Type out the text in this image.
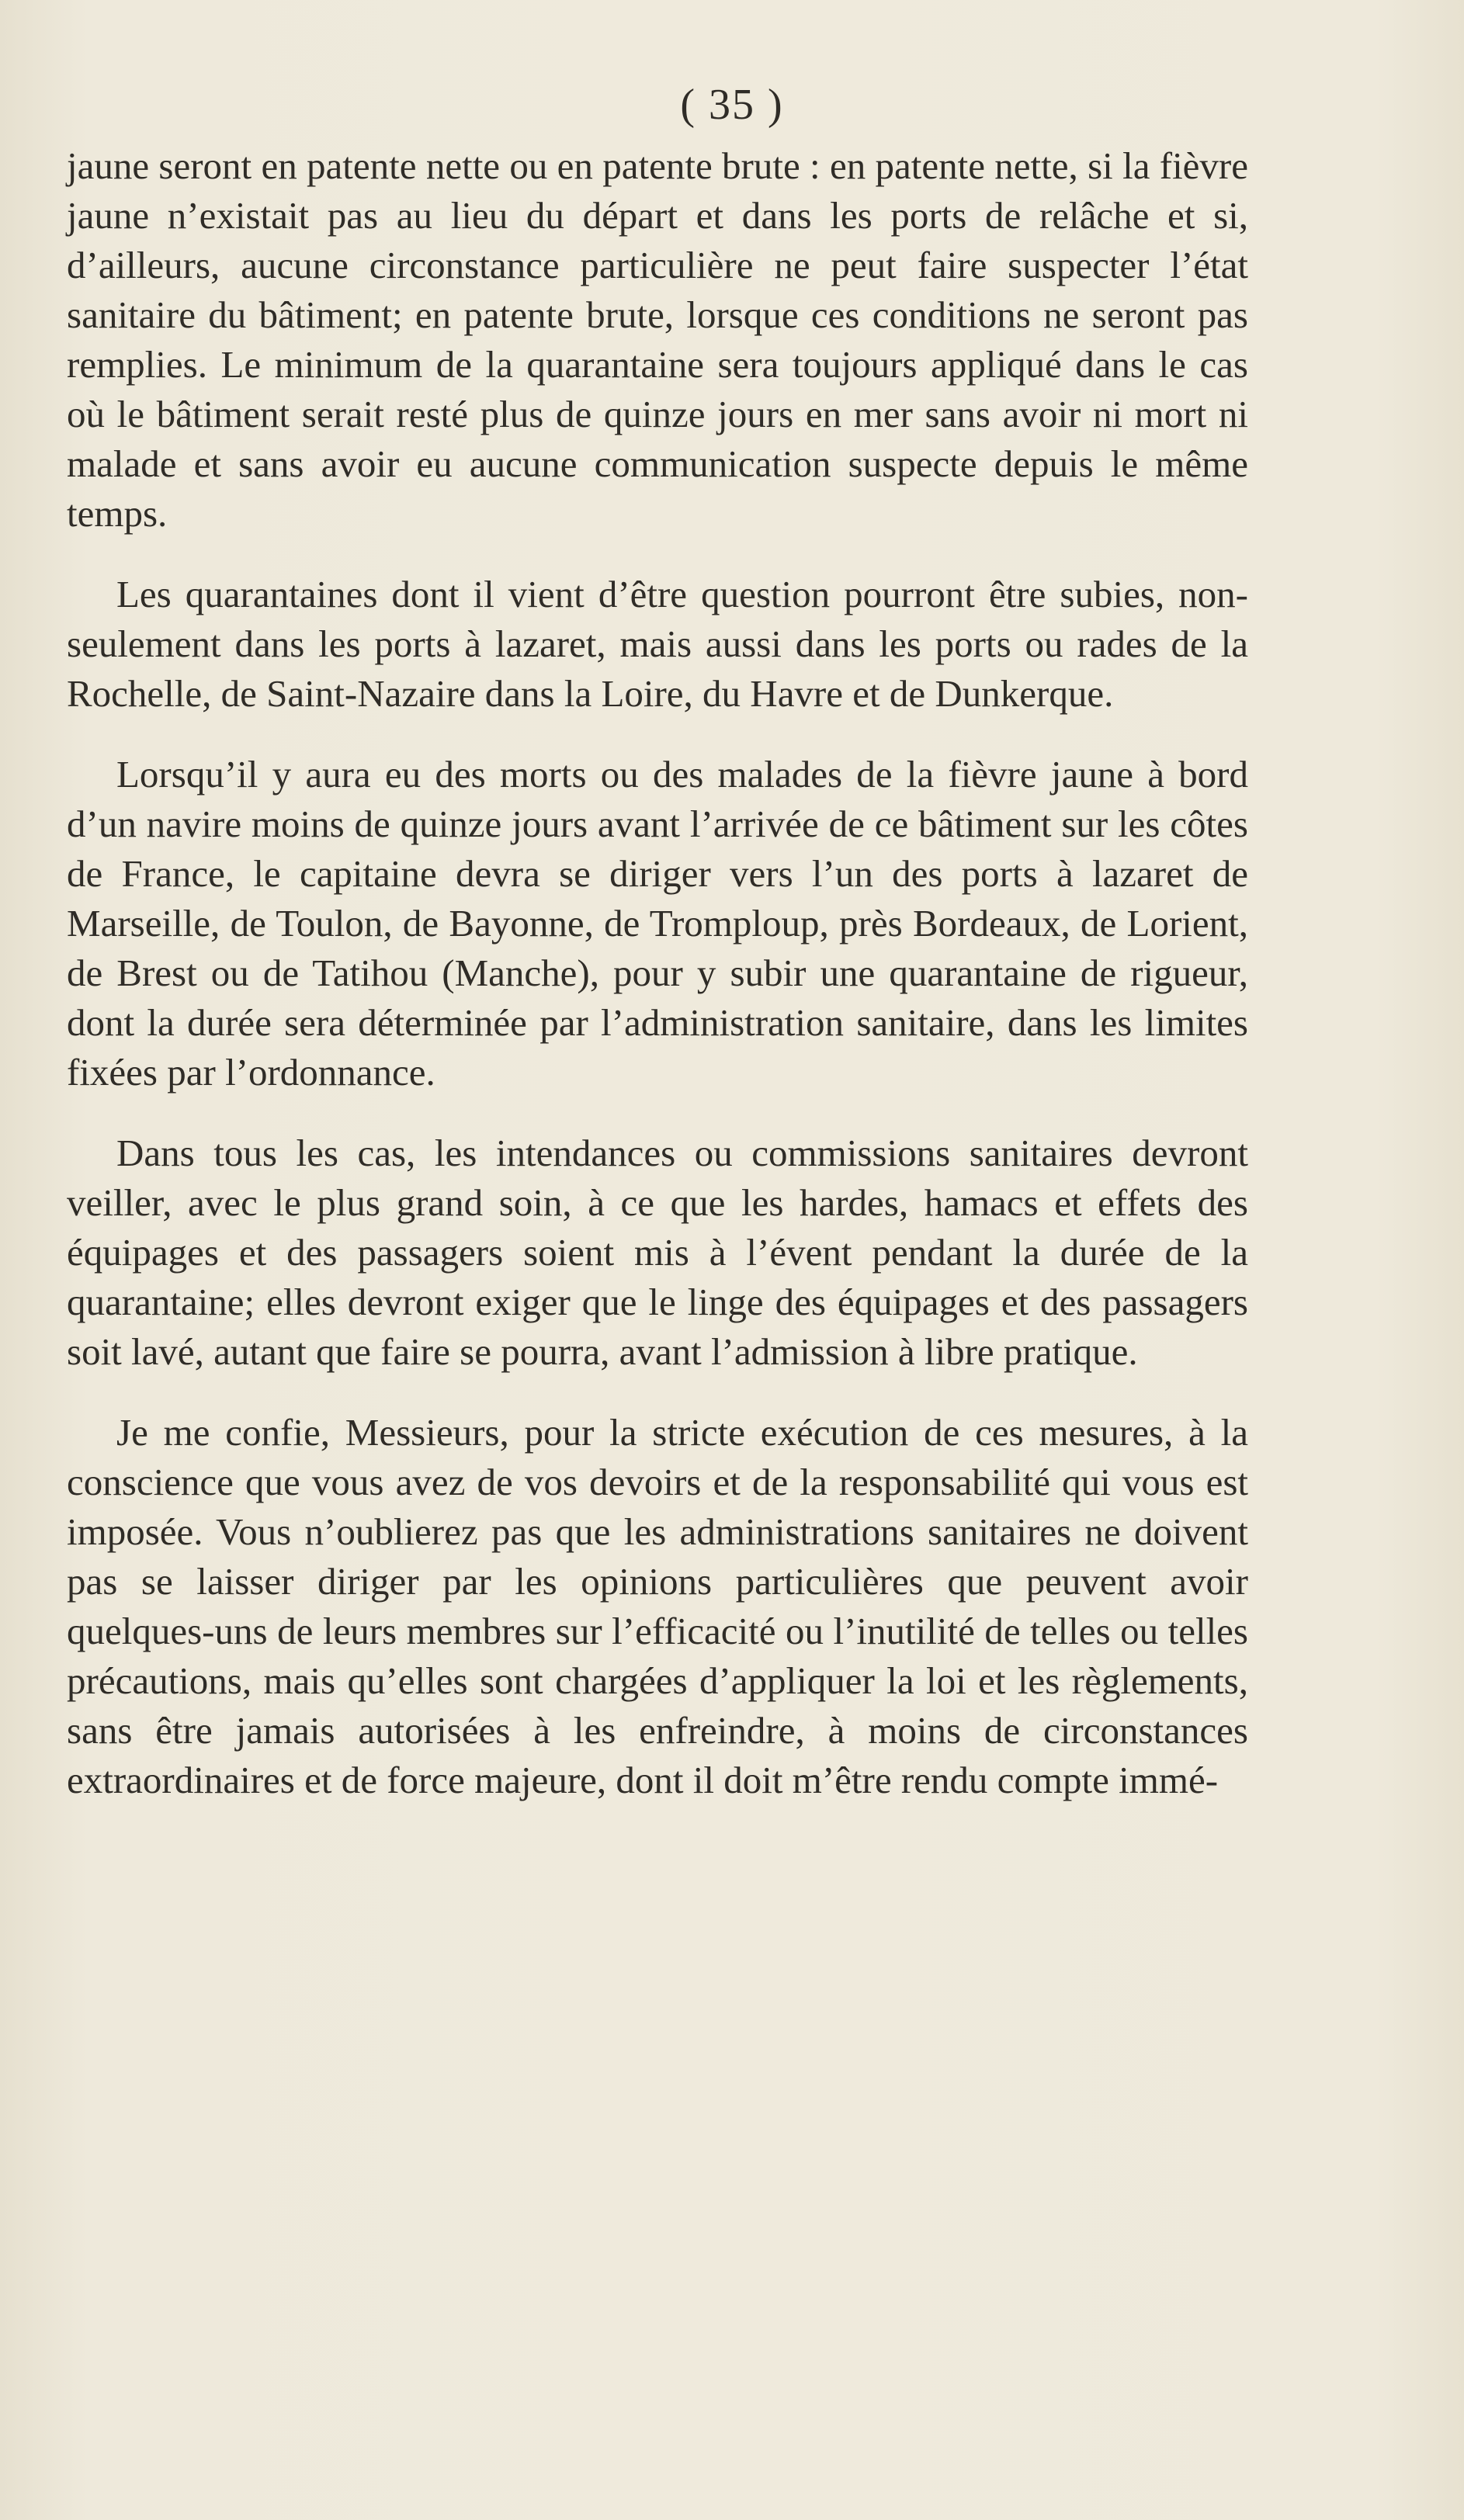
( 35 )

jaune seront en patente nette ou en patente brute : en patente nette, si la fièvre jaune n’existait pas au lieu du départ et dans les ports de relâche et si, d’ailleurs, aucune circonstance particulière ne peut faire suspecter l’état sanitaire du bâtiment; en patente brute, lorsque ces conditions ne seront pas remplies. Le minimum de la quarantaine sera toujours appliqué dans le cas où le bâtiment serait resté plus de quinze jours en mer sans avoir ni mort ni malade et sans avoir eu aucune communication suspecte depuis le même temps.

Les quarantaines dont il vient d’être question pourront être subies, non-seulement dans les ports à lazaret, mais aussi dans les ports ou rades de la Rochelle, de Saint-Nazaire dans la Loire, du Havre et de Dunkerque.

Lorsqu’il y aura eu des morts ou des malades de la fièvre jaune à bord d’un navire moins de quinze jours avant l’arrivée de ce bâtiment sur les côtes de France, le capitaine devra se diriger vers l’un des ports à lazaret de Marseille, de Toulon, de Bayonne, de Tromploup, près Bordeaux, de Lorient, de Brest ou de Tatihou (Manche), pour y subir une quarantaine de rigueur, dont la durée sera déterminée par l’administration sanitaire, dans les limites fixées par l’ordonnance.

Dans tous les cas, les intendances ou commissions sanitaires devront veiller, avec le plus grand soin, à ce que les hardes, hamacs et effets des équipages et des passagers soient mis à l’évent pendant la durée de la quarantaine; elles devront exiger que le linge des équipages et des passagers soit lavé, autant que faire se pourra, avant l’admission à libre pratique.

Je me confie, Messieurs, pour la stricte exécution de ces mesures, à la conscience que vous avez de vos devoirs et de la responsabilité qui vous est imposée. Vous n’oublierez pas que les administrations sanitaires ne doivent pas se laisser diriger par les opinions particulières que peuvent avoir quelques-uns de leurs membres sur l’efficacité ou l’inutilité de telles ou telles précautions, mais qu’elles sont chargées d’appliquer la loi et les règlements, sans être jamais autorisées à les enfreindre, à moins de circonstances extraordinaires et de force majeure, dont il doit m’être rendu compte immé-
